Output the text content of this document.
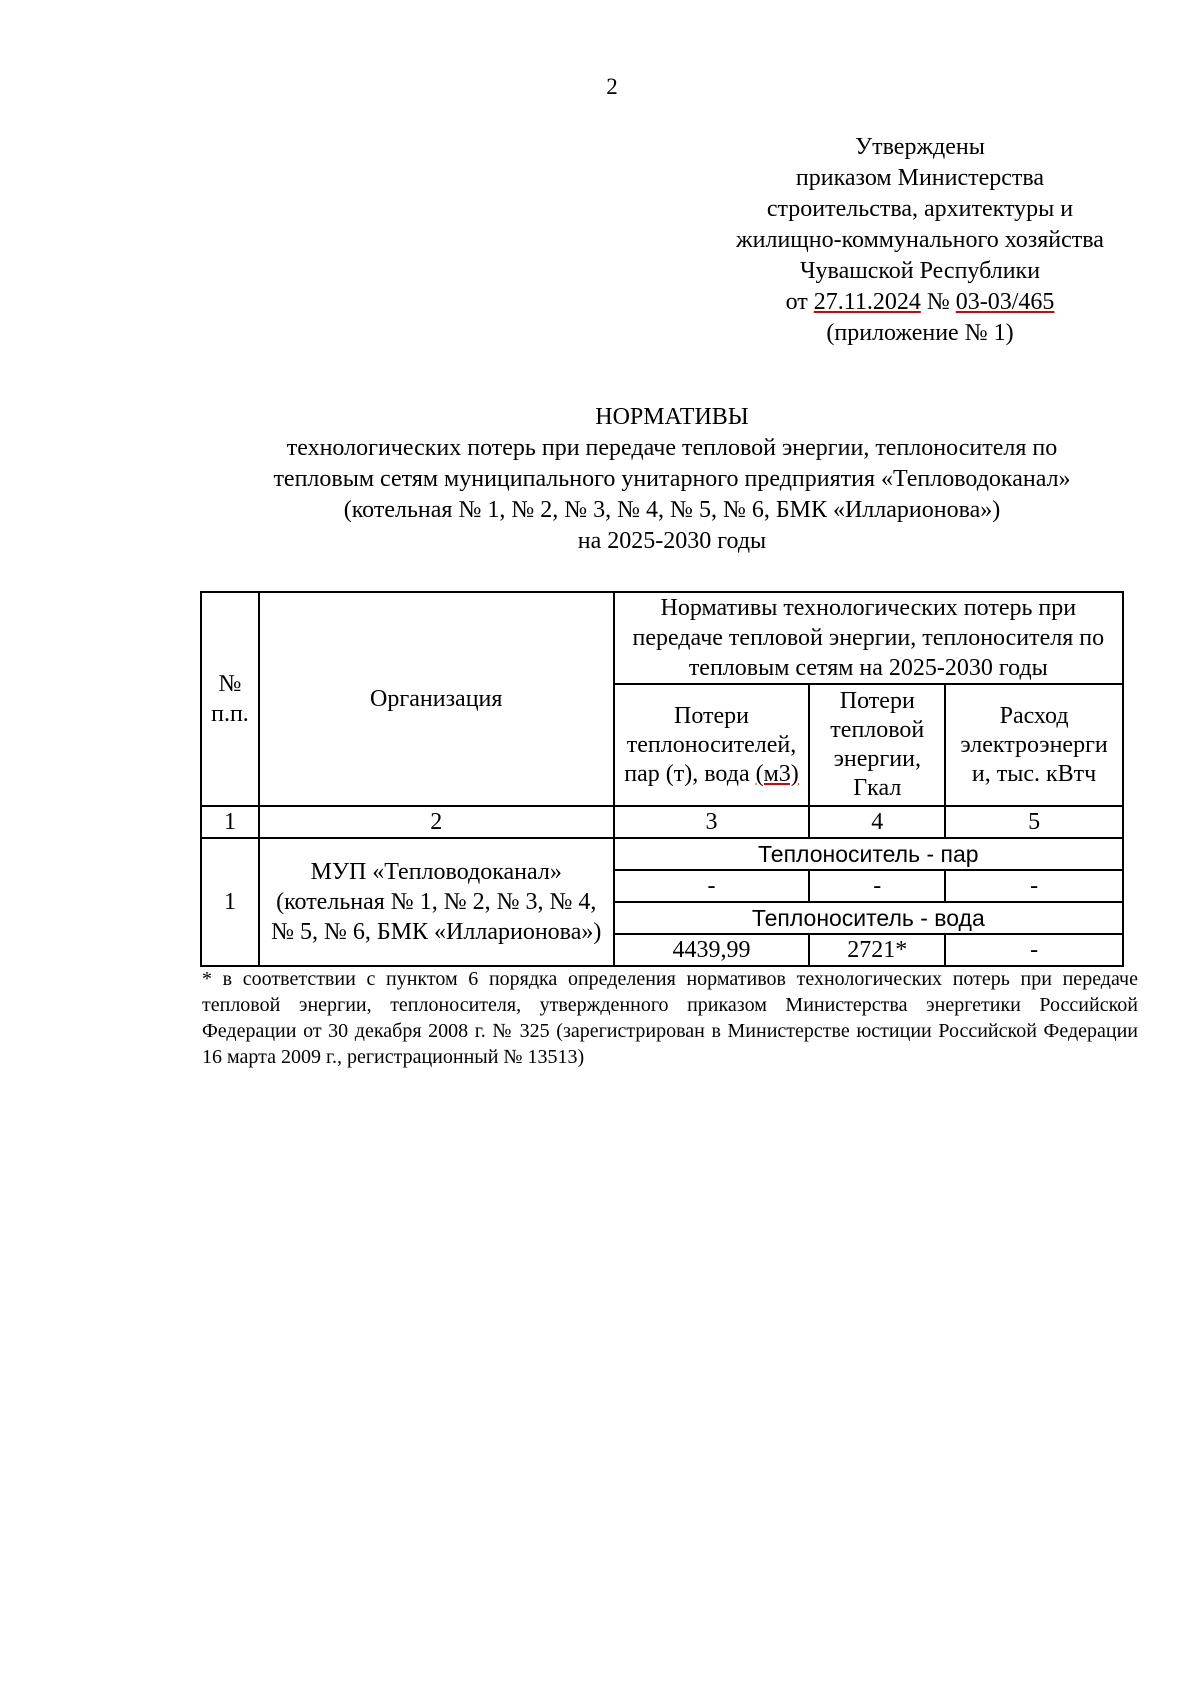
2
Утверждены
приказом Министерства
строительства, архитектуры и
жилищно-коммунального хозяйства
Чувашской Республики
от 27.11.2024 № 03-03/465
(приложение № 1)
НОРМАТИВЫ
технологических потерь при передаче тепловой энергии, теплоносителя по
тепловым сетям муниципального унитарного предприятия «Тепловодоканал»
(котельная № 1, № 2, № 3, № 4, № 5, № 6, БМК «Илларионова»)
на 2025-2030 годы
№ п.п.	Организация	Нормативы технологических потерь при передаче тепловой энергии, теплоносителя по тепловым сетям на 2025-2030 годы		
		Потери теплоносителей, пар (т), вода (м3)	Потери тепловой энергии, Гкал	Расход электроэнерги и, тыс. кВтч
1	2	3	4	5
1	МУП «Тепловодоканал» (котельная № 1, № 2, № 3, № 4, № 5, № 6, БМК «Илларионова»)	Теплоноситель - пар		
		-	-	-
		Теплоноситель - вода		
		4439,99	2721*	-
* в соответствии с пунктом 6 порядка определения нормативов технологических потерь при передаче тепловой энергии, теплоносителя, утвержденного приказом Министерства энергетики Российской Федерации от 30 декабря 2008 г. № 325 (зарегистрирован в Министерстве юстиции Российской Федерации 16 марта 2009 г., регистрационный № 13513)
